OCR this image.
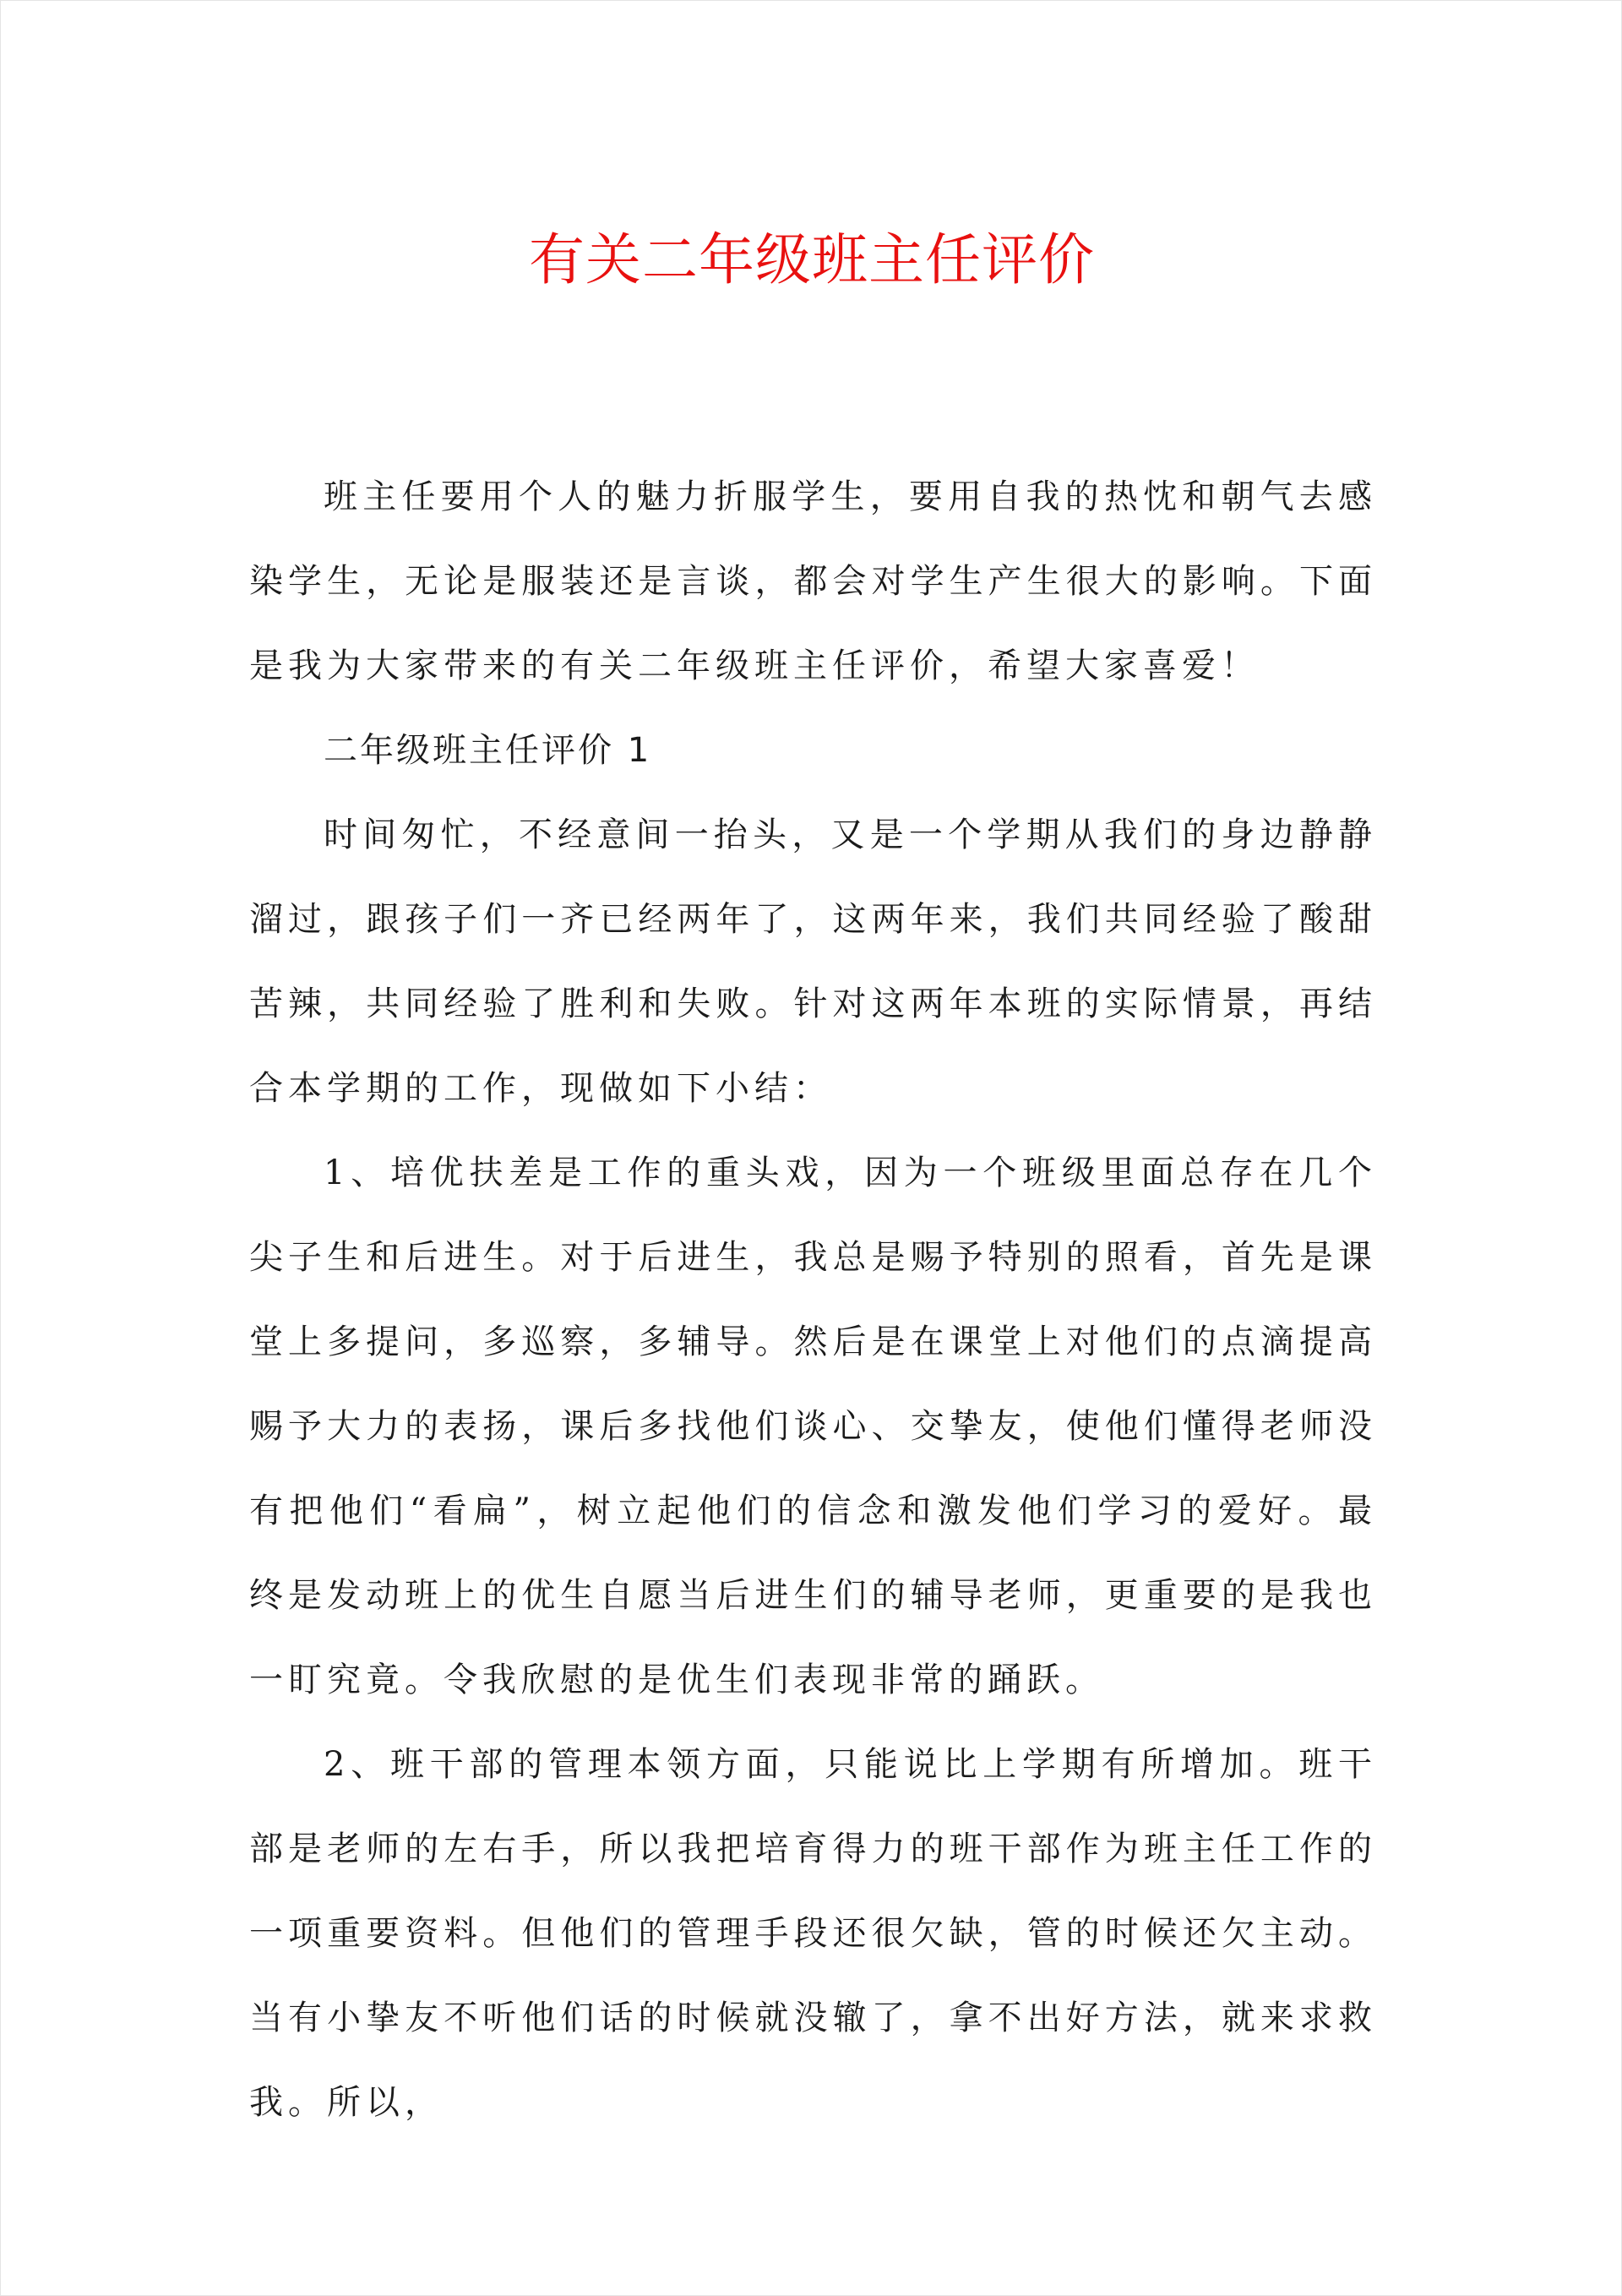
有关二年级班主任评价

班主任要用个人的魅力折服学生，要用自我的热忱和朝气去感染学生，无论是服装还是言谈，都会对学生产生很大的影响。下面是我为大家带来的有关二年级班主任评价，希望大家喜爱！

二年级班主任评价 1

时间匆忙，不经意间一抬头，又是一个学期从我们的身边静静溜过，跟孩子们一齐已经两年了，这两年来，我们共同经验了酸甜苦辣，共同经验了胜利和失败。针对这两年本班的实际情景，再结合本学期的工作，现做如下小结：

1、培优扶差是工作的重头戏，因为一个班级里面总存在几个尖子生和后进生。对于后进生，我总是赐予特别的照看，首先是课堂上多提问，多巡察，多辅导。然后是在课堂上对他们的点滴提高赐予大力的表扬，课后多找他们谈心、交挚友，使他们懂得老师没有把他们“看扁”，树立起他们的信念和激发他们学习的爱好。最终是发动班上的优生自愿当后进生们的辅导老师，更重要的是我也一盯究竟。令我欣慰的是优生们表现非常的踊跃。

2、班干部的管理本领方面，只能说比上学期有所增加。班干部是老师的左右手，所以我把培育得力的班干部作为班主任工作的一项重要资料。但他们的管理手段还很欠缺，管的时候还欠主动。当有小挚友不听他们话的时候就没辙了，拿不出好方法，就来求救我。所以，
